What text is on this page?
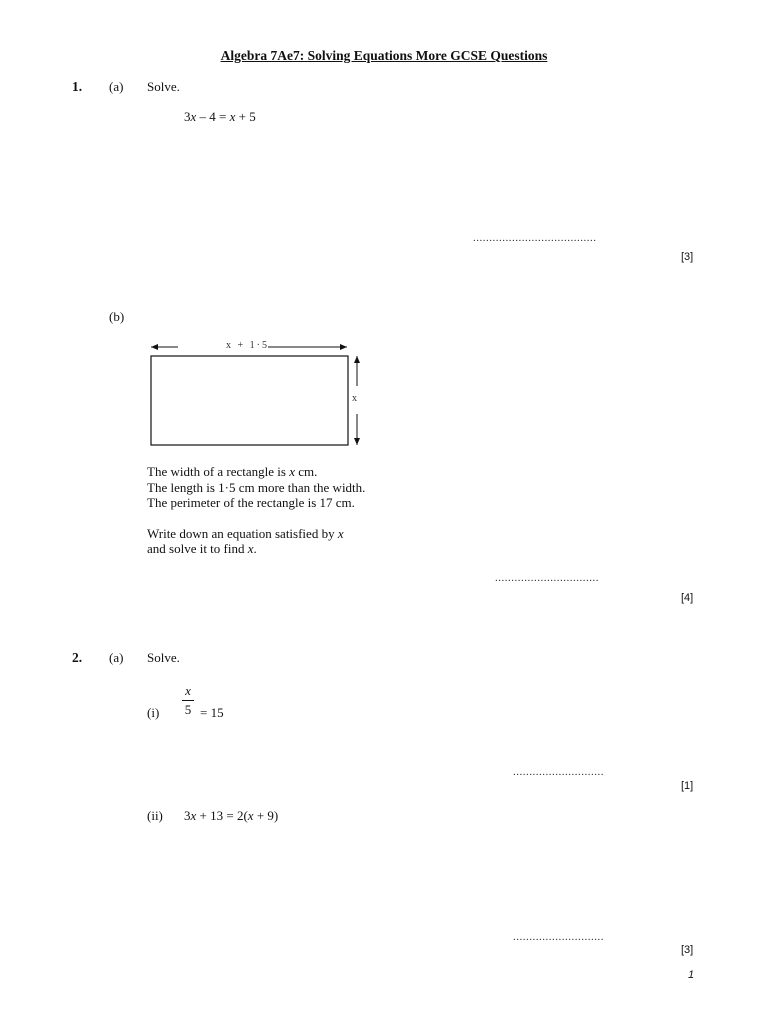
Algebra 7Ae7: Solving Equations More GCSE Questions
1. (a) Solve.
3x – 4 = x + 5
......................................
[3]
(b)
x + 1·5
x
The width of a rectangle is x cm.
The length is 1·5 cm more than the width.
The perimeter of the rectangle is 17 cm.
Write down an equation satisfied by x
and solve it to find x.
................................
[4]
2. (a) Solve.
(i)
x
5 = 15
............................
[1]
(ii) 3x + 13 = 2(x + 9)
............................
[3]
1
